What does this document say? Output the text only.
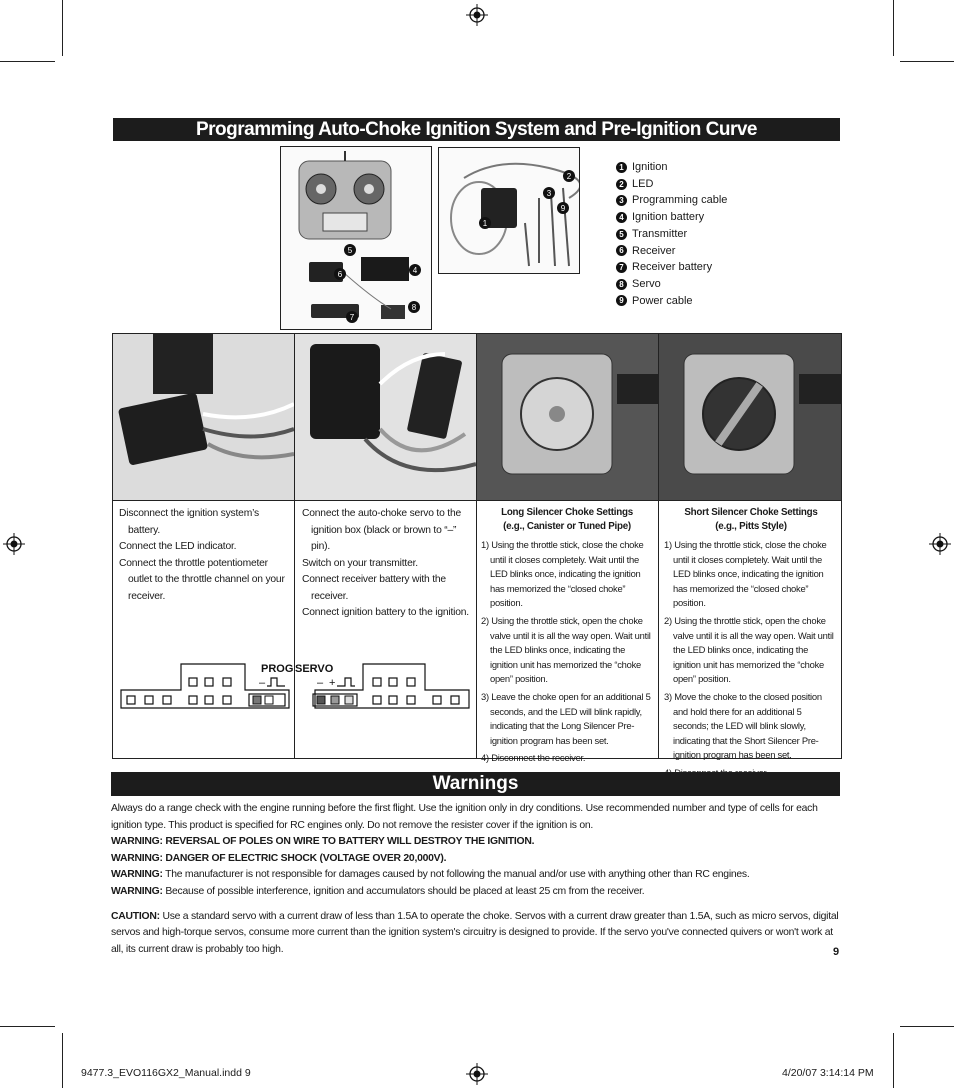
Programming Auto-Choke Ignition System and Pre-Ignition Curve
5
6	4
7
8
1
2
3
9
1 Ignition
2 LED
3 Programming cable
4 Ignition battery
5 Transmitter
6 Receiver
7 Receiver battery
8 Servo
9 Power cable

Disconnect the ignition system’s battery.

Connect the LED indicator.

Connect the throttle potentiometer outlet to the throttle channel on your receiver.

Connect the auto-choke servo to the ignition box (black or brown to “–” pin).

Switch on your transmitter.

Connect receiver battery with the receiver.

Connect ignition battery to the ignition.

Long Silencer Choke Settings
(e.g., Canister or Tuned Pipe)

1) Using the throttle stick, close the choke until it closes completely. Wait until the LED blinks once, indicating the ignition has memorized the “closed choke” position.

2) Using the throttle stick, open the choke valve until it is all the way open. Wait until the LED blinks once, indicating the ignition unit has memorized the “choke open” position.

3) Leave the choke open for an additional 5 seconds, and the LED will blink rapidly, indicating that the Long Silencer Pre-ignition program has been set.

4) Disconnect the receiver.

Short Silencer Choke Settings
(e.g., Pitts Style)

1) Using the throttle stick, close the choke until it closes completely. Wait until the LED blinks once, indicating the ignition has memorized the “closed choke” position.

2) Using the throttle stick, open the choke valve until it is all the way open. Wait until the LED blinks once, indicating the ignition unit has memorized the “choke open” position.

3) Move the choke to the closed position and hold there for an additional 5 seconds; the LED will blink slowly, indicating that the Short Silencer Pre-ignition program has been set.

–	– +
PROG SERVO
Warnings

Always do a range check with the engine running before the first flight. Use the ignition only in dry conditions. Use recommended number and type of cells for each ignition type. This product is specified for RC engines only. Do not remove the resister cover if the ignition is on.

WARNING: REVERSAL OF POLES ON WIRE TO BATTERY WILL DESTROY THE IGNITION.

WARNING: DANGER OF ELECTRIC SHOCK (VOLTAGE OVER 20,000V).

WARNING: The manufacturer is not responsible for damages caused by not following the manual and/or use with anything other than RC engines.

WARNING: Because of possible interference, ignition and accumulators should be placed at least 25 cm from the receiver.

CAUTION: Use a standard servo with a current draw of less than 1.5A to operate the choke. Servos with a current draw greater than 1.5A, such as micro servos, digital servos and high-torque servos, consume more current than the ignition system's circuitry is designed to provide. If the servo you've connected quivers or won't work at all, its current draw is probably too high.	9
9477.3_EVO116GX2_Manual.indd 9	4/20/07 3:14:14 PM
